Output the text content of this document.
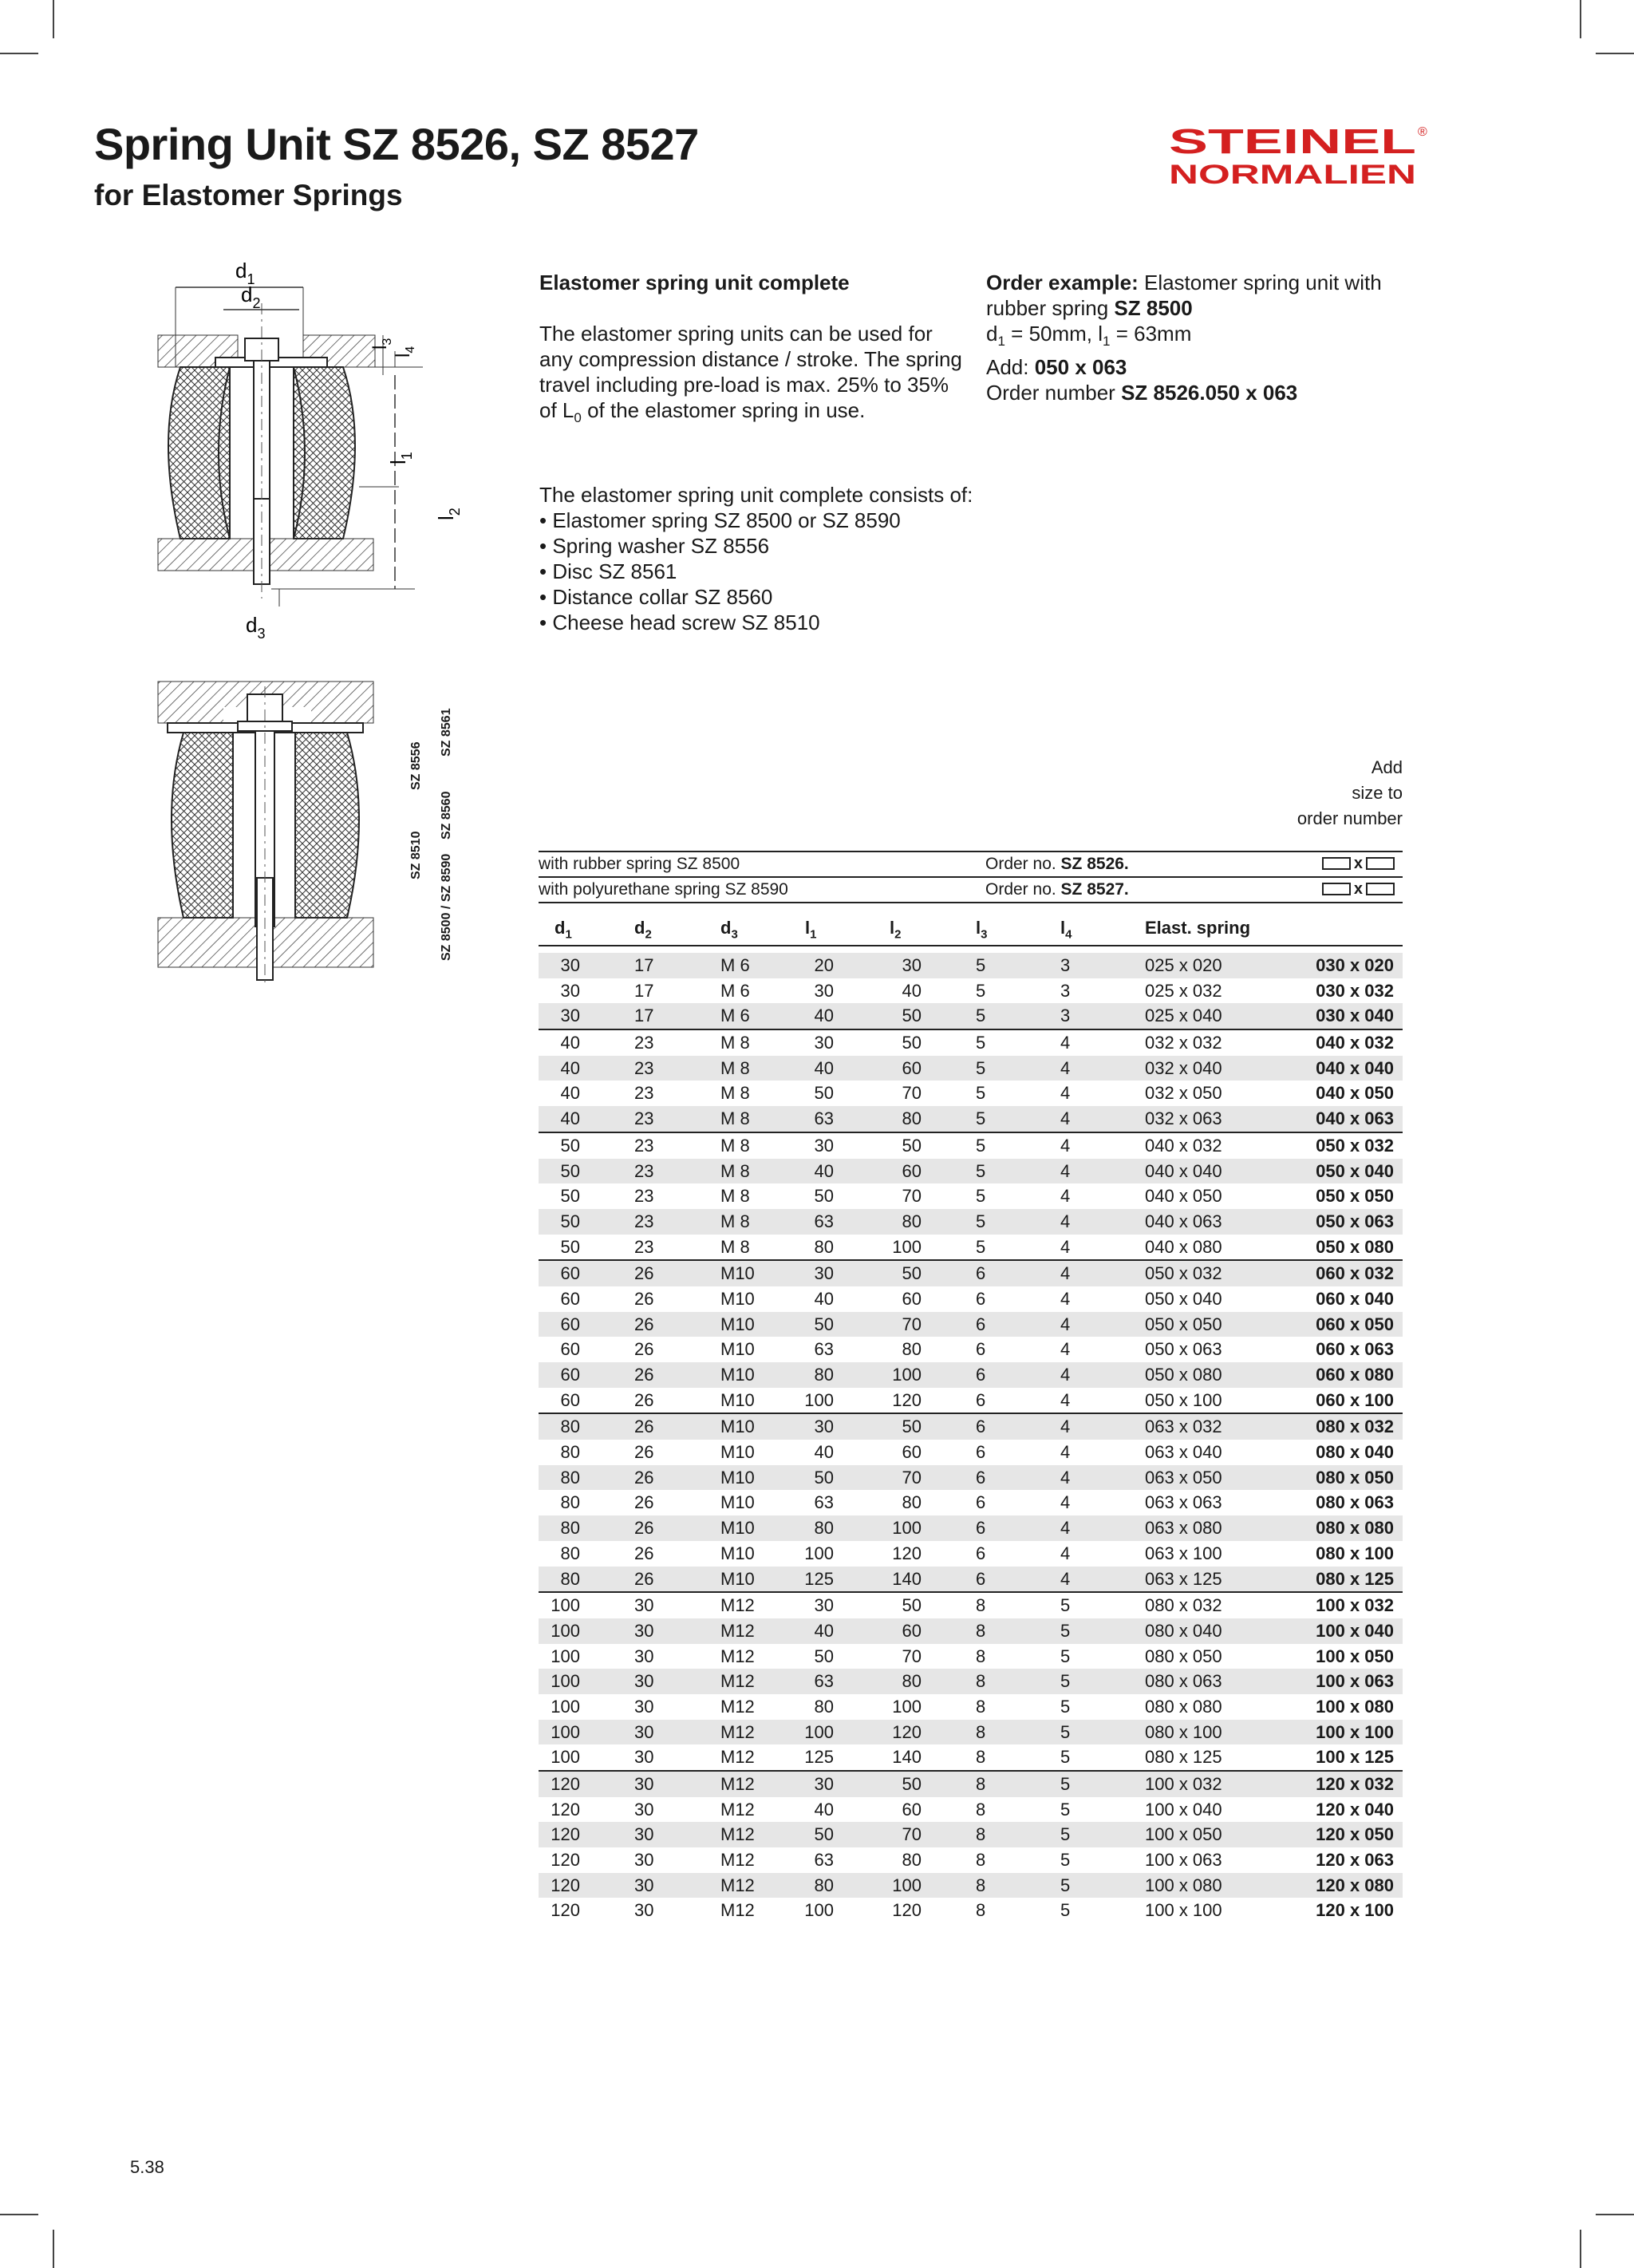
Spring Unit SZ 8526, SZ 8527
for Elastomer Springs
STEINEL
NORMALIEN
®
$d_1$
$d_2$
$d_3$
$l_3$
$l_4$
$l_1$
$l_2$
SZ 8561
SZ 8556
SZ 8560
SZ 8510 SZ 8500 / SZ 8590

Elastomer spring unit complete

The elastomer spring units can be used for

any compression distance / stroke. The spring

travel including pre-load is max. 25% to 35%

of $L_0$ of the elastomer spring in use.

The elastomer spring unit complete consists of:

• Elastomer spring SZ 8500 or SZ 8590

• Spring washer SZ 8556

• Disc SZ 8561

• Distance collar SZ 8560

• Cheese head screw SZ 8510

Order example: Elastomer spring unit with

rubber spring SZ 8500

$d_1 = 50mm$, $l_1 = 63mm$

Add: 050 x 063

Order number SZ 8526.050 x 063

Add
size to
order number
with rubber spring SZ 8500	Order no. SZ 8526.	x
with polyurethane spring SZ 8590	Order no. SZ 8527.	x
$d_1$	$d_2$	$d_3$	$l_1$	$l_2$	$l_3$	$l_4$	Elast. spring
30	17	M 6	20	30	5	3	025 x 020	030 x 020
30	17	M 6	30	40	5	3	025 x 032	030 x 032
30	17	M 6	40	50	5	3	025 x 040	030 x 040
40	23	M 8	30	50	5	4	032 x 032	040 x 032
40	23	M 8	40	60	5	4	032 x 040	040 x 040
40	23	M 8	50	70	5	4	032 x 050	040 x 050
40	23	M 8	63	80	5	4	032 x 063	040 x 063
50	23	M 8	30	50	5	4	040 x 032	050 x 032
50	23	M 8	40	60	5	4	040 x 040	050 x 040
50	23	M 8	50	70	5	4	040 x 050	050 x 050
50	23	M 8	63	80	5	4	040 x 063	050 x 063
50	23	M 8	80	100	5	4	040 x 080	050 x 080
60	26	M10	30	50	6	4	050 x 032	060 x 032
60	26	M10	40	60	6	4	050 x 040	060 x 040
60	26	M10	50	70	6	4	050 x 050	060 x 050
60	26	M10	63	80	6	4	050 x 063	060 x 063
60	26	M10	80	100	6	4	050 x 080	060 x 080
60	26	M10	100	120	6	4	050 x 100	060 x 100
80	26	M10	30	50	6	4	063 x 032	080 x 032
80	26	M10	40	60	6	4	063 x 040	080 x 040
80	26	M10	50	70	6	4	063 x 050	080 x 050
80	26	M10	63	80	6	4	063 x 063	080 x 063
80	26	M10	80	100	6	4	063 x 080	080 x 080
80	26	M10	100	120	6	4	063 x 100	080 x 100
80	26	M10	125	140	6	4	063 x 125	080 x 125
100	30	M12	30	50	8	5	080 x 032	100 x 032
100	30	M12	40	60	8	5	080 x 040	100 x 040
100	30	M12	50	70	8	5	080 x 050	100 x 050
100	30	M12	63	80	8	5	080 x 063	100 x 063
100	30	M12	80	100	8	5	080 x 080	100 x 080
100	30	M12	100	120	8	5	080 x 100	100 x 100
100	30	M12	125	140	8	5	080 x 125	100 x 125
120	30	M12	30	50	8	5	100 x 032	120 x 032
120	30	M12	40	60	8	5	100 x 040	120 x 040
120	30	M12	50	70	8	5	100 x 050	120 x 050
120	30	M12	63	80	8	5	100 x 063	120 x 063
120	30	M12	80	100	8	5	100 x 080	120 x 080
120	30	M12	100	120	8	5	100 x 100	120 x 100
5.38
